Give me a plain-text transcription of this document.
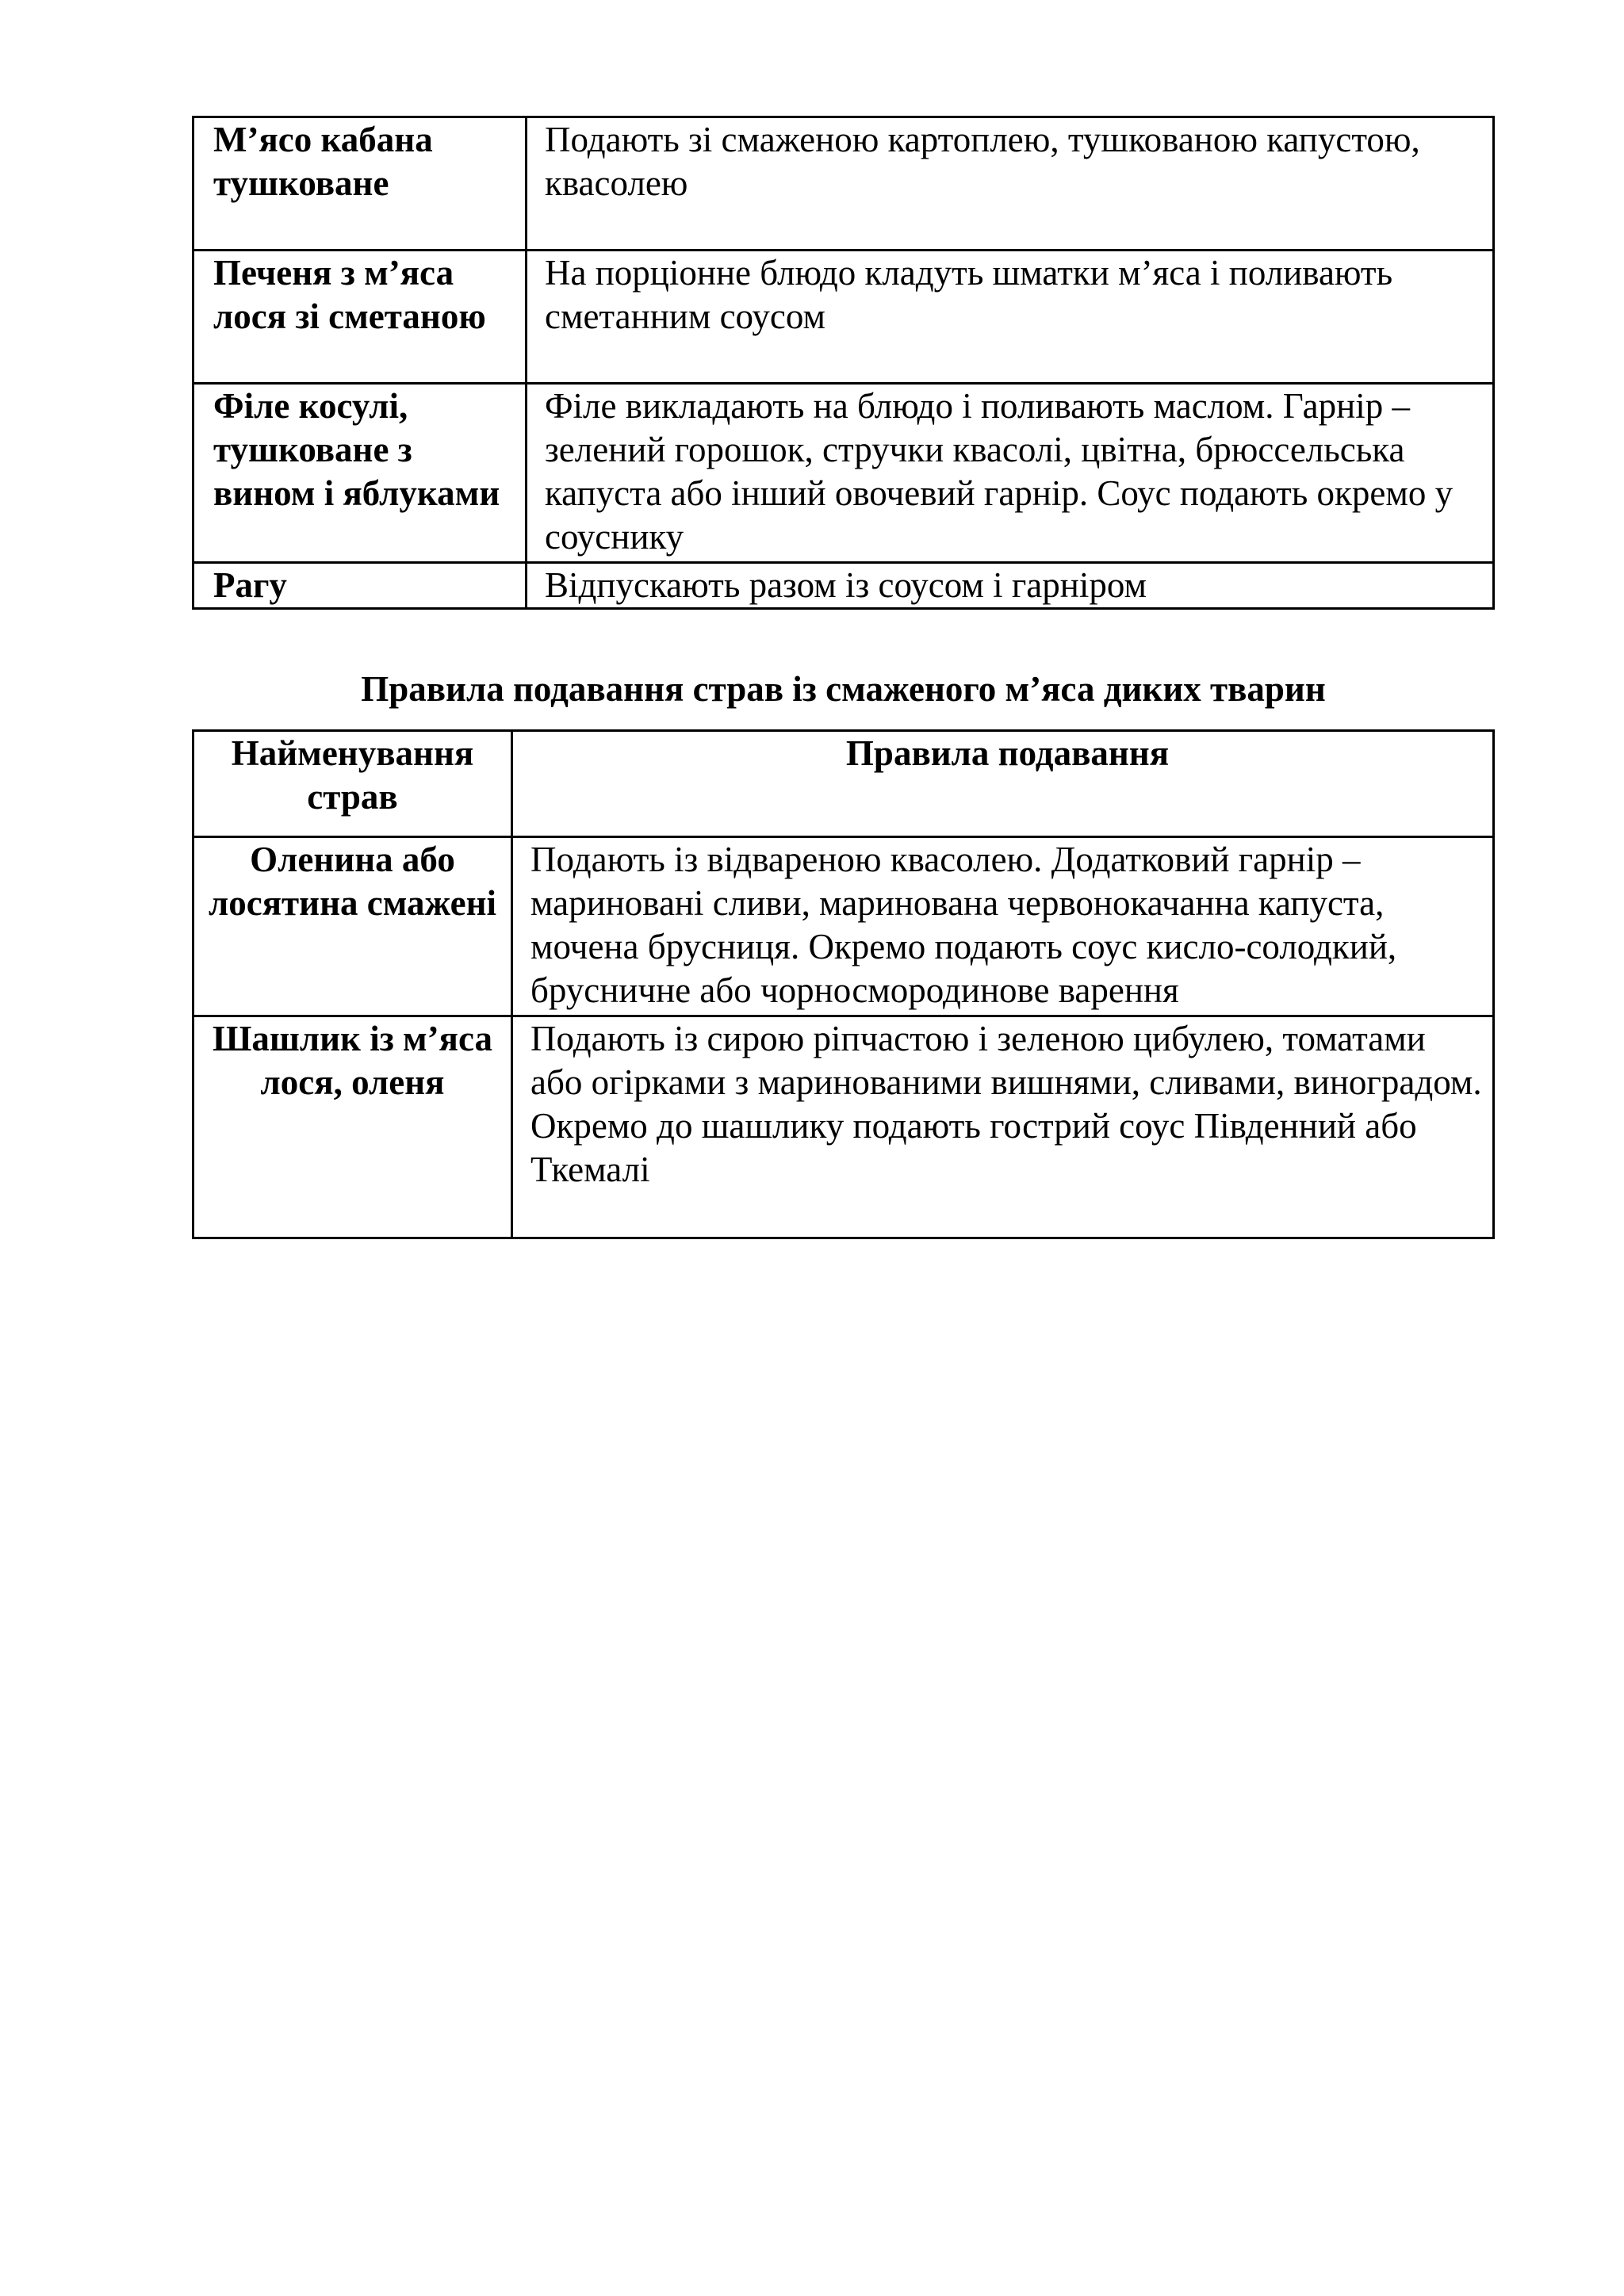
М’ясо кабана тушковане	Подають зі смаженою картоплею, тушкованою капустою, квасолею

Печеня з м’яса лося зі сметаною	На порціонне блюдо кладуть шматки м’яса і поливають сметанним соусом

Філе косулі, тушковане з вином і яблуками	Філе викладають на блюдо і поливають маслом. Гарнір – зелений горошок, стручки квасолі, цвітна, брюссельська капуста або інший овочевий гарнір. Соус подають окремо у соуснику

Рагу	Відпускають разом із соусом і гарніром
Правила подавання страв із смаженого м’яса диких тварин
Найменування страв	Правила подавання

Оленина або лосятина смажені	Подають із відвареною квасолею. Додатковий гарнір – мариновані сливи, маринована червонокачанна капуста, мочена брусниця. Окремо подають соус кисло-солодкий, брусничне або чорносмородинове варення

Шашлик із м’яса лося, оленя	Подають із сирою ріпчастою і зеленою цибулею, томатами або огірками з маринованими вишнями, сливами, виноградом. Окремо до шашлику подають гострий соус Південний або Ткемалі
